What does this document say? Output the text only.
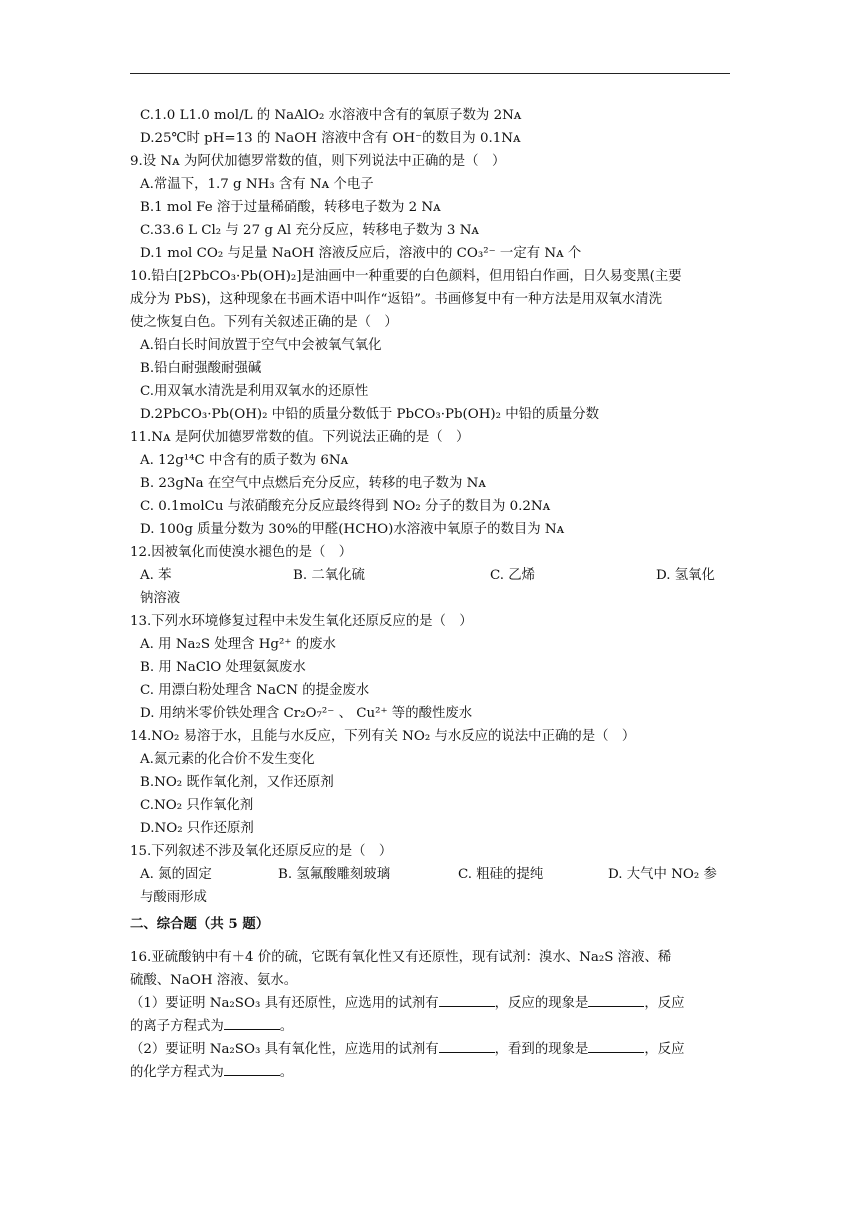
C.1.0 L1.0 mol/L 的 NaAlO₂ 水溶液中含有的氧原子数为 2Nᴀ
D.25℃时 pH=13 的 NaOH 溶液中含有 OH⁻的数目为 0.1Nᴀ
9.设 Nᴀ 为阿伏加德罗常数的值，则下列说法中正确的是（　）
A.常温下，1.7 g NH₃ 含有 Nᴀ 个电子
B.1 mol Fe 溶于过量稀硝酸，转移电子数为 2 Nᴀ
C.33.6 L Cl₂ 与 27 g Al 充分反应，转移电子数为 3 Nᴀ
D.1 mol CO₂ 与足量 NaOH 溶液反应后，溶液中的 CO₃²⁻ 一定有 Nᴀ 个
10.铅白[2PbCO₃·Pb(OH)₂]是油画中一种重要的白色颜料，但用铅白作画，日久易变黑(主要
成分为 PbS)，这种现象在书画术语中叫作“返铅”。书画修复中有一种方法是用双氧水清洗
使之恢复白色。下列有关叙述正确的是（　）
A.铅白长时间放置于空气中会被氧气氧化
B.铅白耐强酸耐强碱
C.用双氧水清洗是利用双氧水的还原性
D.2PbCO₃·Pb(OH)₂ 中铅的质量分数低于 PbCO₃·Pb(OH)₂ 中铅的质量分数
11.Nᴀ 是阿伏加德罗常数的值。下列说法正确的是（　）
A. 12g¹⁴C 中含有的质子数为 6Nᴀ
B. 23gNa 在空气中点燃后充分反应，转移的电子数为 Nᴀ
C. 0.1molCu 与浓硝酸充分反应最终得到 NO₂ 分子的数目为 0.2Nᴀ
D. 100g 质量分数为 30%的甲醛(HCHO)水溶液中氧原子的数目为 Nᴀ
12.因被氧化而使溴水褪色的是（　）
A. 苯	B. 二氧化硫	C. 乙烯	D. 氢氧化
钠溶液
13.下列水环境修复过程中未发生氧化还原反应的是（　）
A. 用 Na₂S 处理含 Hg²⁺ 的废水
B. 用 NaClO 处理氨氮废水
C. 用漂白粉处理含 NaCN 的提金废水
D. 用纳米零价铁处理含 Cr₂O₇²⁻ 、 Cu²⁺ 等的酸性废水
14.NO₂ 易溶于水，且能与水反应，下列有关 NO₂ 与水反应的说法中正确的是（　）
A.氮元素的化合价不发生变化
B.NO₂ 既作氧化剂，又作还原剂
C.NO₂ 只作氧化剂
D.NO₂ 只作还原剂
15.下列叙述不涉及氧化还原反应的是（　）
A. 氮的固定	B. 氢氟酸雕刻玻璃	C. 粗硅的提纯	D. 大气中 NO₂ 参
与酸雨形成
二、综合题（共 5 题）
16.亚硫酸钠中有＋4 价的硫，它既有氧化性又有还原性，现有试剂：溴水、Na₂S 溶液、稀
硫酸、NaOH 溶液、氨水。
（1）要证明 Na₂SO₃ 具有还原性，应选用的试剂有	，反应的现象是	，反应
的离子方程式为	。
（2）要证明 Na₂SO₃ 具有氧化性，应选用的试剂有	，看到的现象是	，反应
的化学方程式为	。
